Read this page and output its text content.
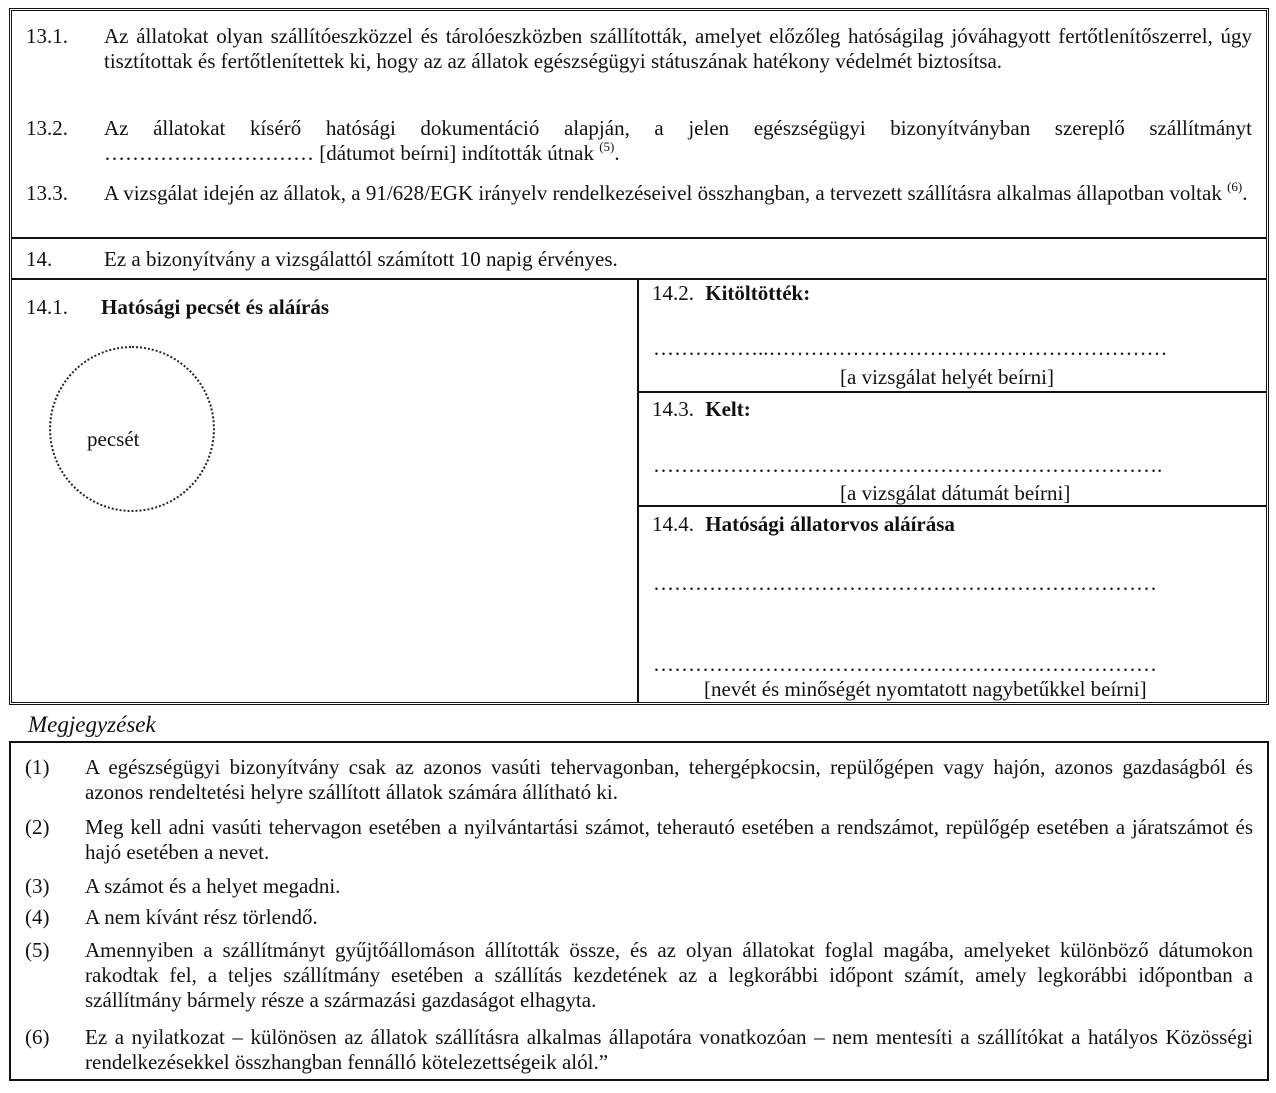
13.1. Az állatokat olyan szállítóeszközzel és tárolóeszközben szállították, amelyet előzőleg hatóságilag jóváhagyott fertőtlenítőszerrel, úgy tisztítottak és fertőtlenítettek ki, hogy az az állatok egészségügyi státuszának hatékony védelmét biztosítsa.
13.2. Az állatokat kísérő hatósági dokumentáció alapján, a jelen egészségügyi bizonyítványban szereplő szállítmányt ………………………… [dátumot beírni] indították útnak $^{(5)}$.
13.3. A vizsgálat idején az állatok, a 91/628/EGK irányelv rendelkezéseivel összhangban, a tervezett szállításra alkalmas állapotban voltak $^{(6)}$.
14. Ez a bizonyítvány a vizsgálattól számított 10 napig érvényes.
14.1. Hatósági pecsét és aláírás
pecsét
14.2. Kitöltötték:
……………..…………………………………………………
[a vizsgálat helyét beírni]
14.3. Kelt:
……………………………………………………………….
[a vizsgálat dátumát beírni]
14.4. Hatósági állatorvos aláírása
………………………………………………………………
………………………………………………………………
[nevét és minőségét nyomtatott nagybetűkkel beírni]
Megjegyzések
(1) A egészségügyi bizonyítvány csak az azonos vasúti tehervagonban, tehergépkocsin, repülőgépen vagy hajón, azonos gazdaságból és azonos rendeltetési helyre szállított állatok számára állítható ki.
(2) Meg kell adni vasúti tehervagon esetében a nyilvántartási számot, teherautó esetében a rendszámot, repülőgép esetében a járatszámot és hajó esetében a nevet.
(3) A számot és a helyet megadni.
(4) A nem kívánt rész törlendő.
(5) Amennyiben a szállítmányt gyűjtőállomáson állították össze, és az olyan állatokat foglal magába, amelyeket különböző dátumokon rakodtak fel, a teljes szállítmány esetében a szállítás kezdetének az a legkorábbi időpont számít, amely legkorábbi időpontban a szállítmány bármely része a származási gazdaságot elhagyta.
(6) Ez a nyilatkozat – különösen az állatok szállításra alkalmas állapotára vonatkozóan – nem mentesíti a szállítókat a hatályos Közösségi rendelkezésekkel összhangban fennálló kötelezettségeik alól.”
